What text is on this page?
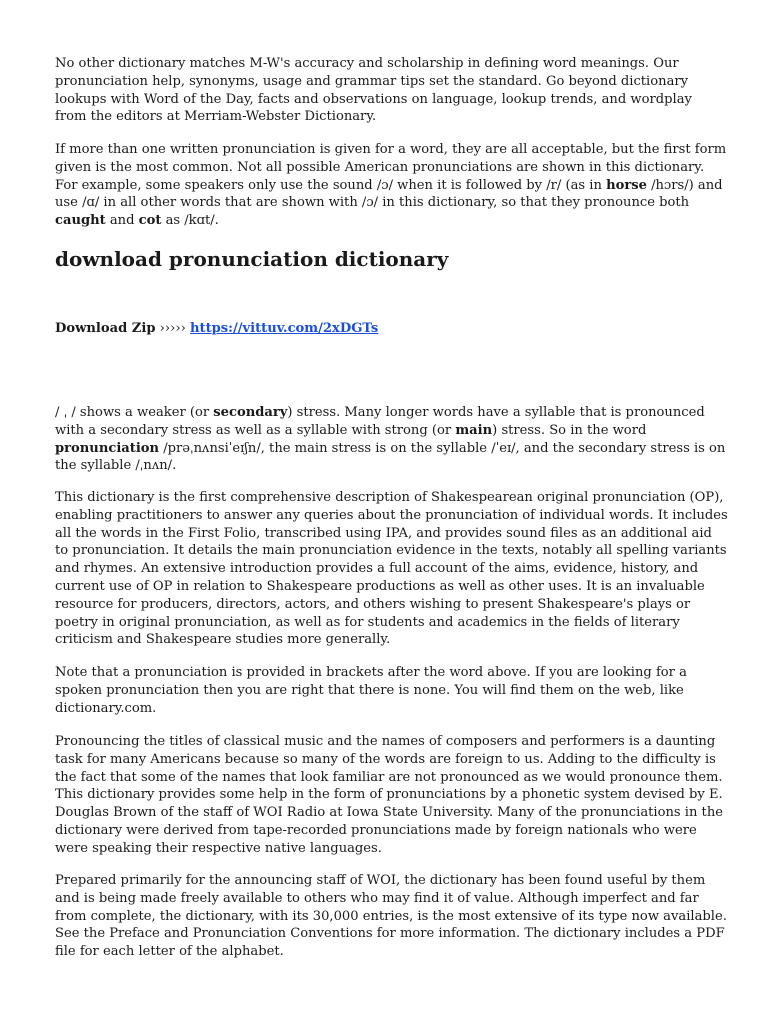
No other dictionary matches M-W's accuracy and scholarship in defining word meanings. Our
pronunciation help, synonyms, usage and grammar tips set the standard. Go beyond dictionary
lookups with Word of the Day, facts and observations on language, lookup trends, and wordplay
from the editors at Merriam-Webster Dictionary.

If more than one written pronunciation is given for a word, they are all acceptable, but the first form
given is the most common. Not all possible American pronunciations are shown in this dictionary.
For example, some speakers only use the sound /ɔ/ when it is followed by /r/ (as in horse /hɔrs/) and
use /ɑ/ in all other words that are shown with /ɔ/ in this dictionary, so that they pronounce both
caught and cot as /kɑt/.

download pronunciation dictionary

Download Zip ››››› https://vittuv.com/2xDGTs

/ ˌ / shows a weaker (or secondary) stress. Many longer words have a syllable that is pronounced
with a secondary stress as well as a syllable with strong (or main) stress. So in the word
pronunciation /prəˌnʌnsiˈeɪʃn/, the main stress is on the syllable /ˈeɪ/, and the secondary stress is on
the syllable /ˌnʌn/.

This dictionary is the first comprehensive description of Shakespearean original pronunciation (OP),
enabling practitioners to answer any queries about the pronunciation of individual words. It includes
all the words in the First Folio, transcribed using IPA, and provides sound files as an additional aid
to pronunciation. It details the main pronunciation evidence in the texts, notably all spelling variants
and rhymes. An extensive introduction provides a full account of the aims, evidence, history, and
current use of OP in relation to Shakespeare productions as well as other uses. It is an invaluable
resource for producers, directors, actors, and others wishing to present Shakespeare's plays or
poetry in original pronunciation, as well as for students and academics in the fields of literary
criticism and Shakespeare studies more generally.

Note that a pronunciation is provided in brackets after the word above. If you are looking for a
spoken pronunciation then you are right that there is none. You will find them on the web, like
dictionary.com.

Pronouncing the titles of classical music and the names of composers and performers is a daunting
task for many Americans because so many of the words are foreign to us. Adding to the difficulty is
the fact that some of the names that look familiar are not pronounced as we would pronounce them.
This dictionary provides some help in the form of pronunciations by a phonetic system devised by E.
Douglas Brown of the staff of WOI Radio at Iowa State University. Many of the pronunciations in the
dictionary were derived from tape-recorded pronunciations made by foreign nationals who were
were speaking their respective native languages.

Prepared primarily for the announcing staff of WOI, the dictionary has been found useful by them
and is being made freely available to others who may find it of value. Although imperfect and far
from complete, the dictionary, with its 30,000 entries, is the most extensive of its type now available.
See the Preface and Pronunciation Conventions for more information. The dictionary includes a PDF
file for each letter of the alphabet.
